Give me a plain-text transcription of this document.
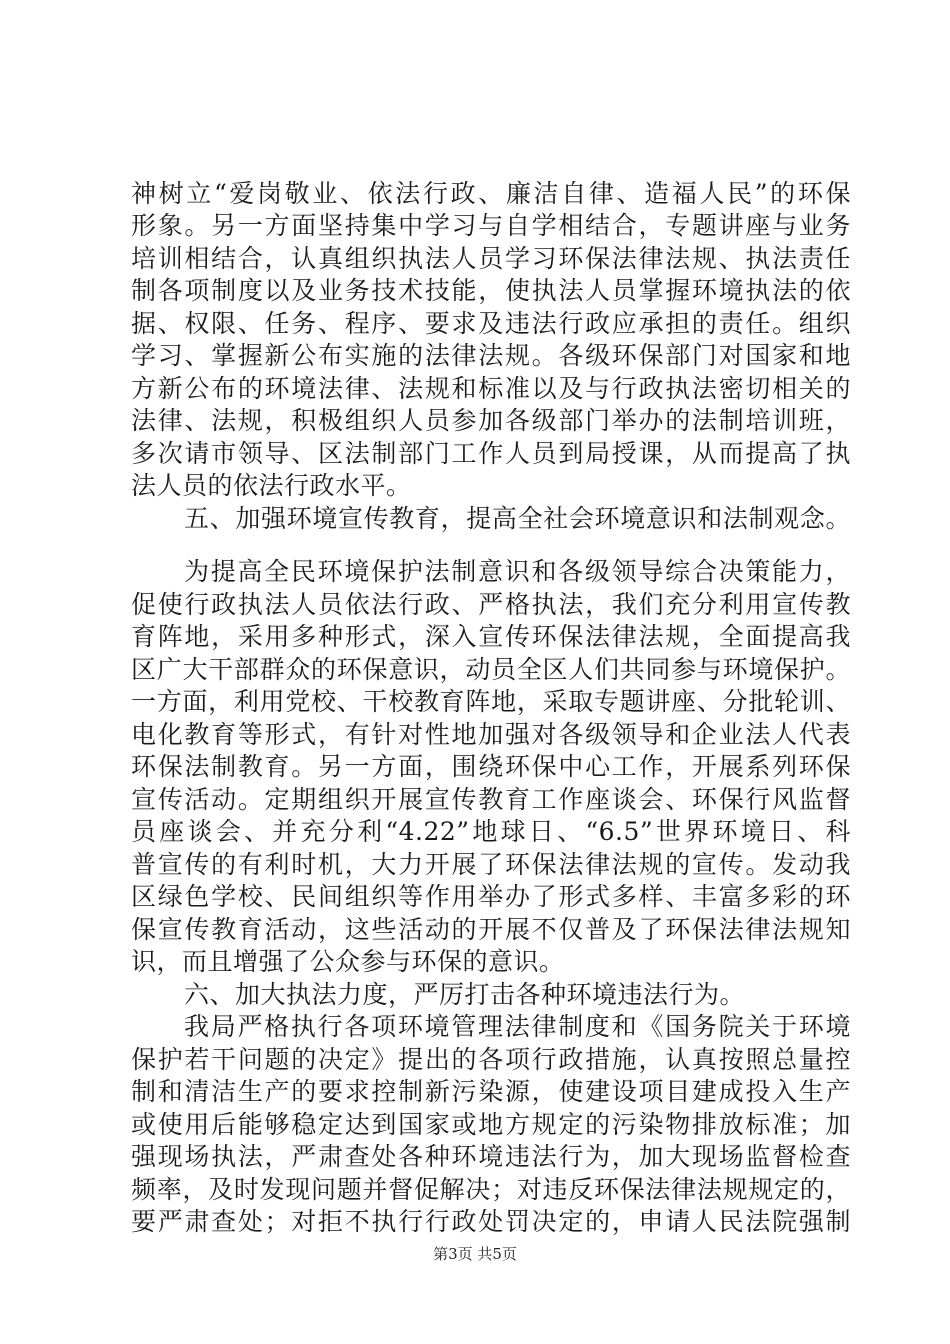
神树立“爱岗敬业、依法行政、廉洁自律、造福人民”的环保
形象。另一方面坚持集中学习与自学相结合，专题讲座与业务
培训相结合，认真组织执法人员学习环保法律法规、执法责任
制各项制度以及业务技术技能，使执法人员掌握环境执法的依
据、权限、任务、程序、要求及违法行政应承担的责任。组织
学习、掌握新公布实施的法律法规。各级环保部门对国家和地
方新公布的环境法律、法规和标准以及与行政执法密切相关的
法律、法规，积极组织人员参加各级部门举办的法制培训班，
多次请市领导、区法制部门工作人员到局授课，从而提高了执
法人员的依法行政水平。
五、加强环境宣传教育，提高全社会环境意识和法制观念。
为提高全民环境保护法制意识和各级领导综合决策能力，
促使行政执法人员依法行政、严格执法，我们充分利用宣传教
育阵地，采用多种形式，深入宣传环保法律法规，全面提高我
区广大干部群众的环保意识，动员全区人们共同参与环境保护。
一方面，利用党校、干校教育阵地，采取专题讲座、分批轮训、
电化教育等形式，有针对性地加强对各级领导和企业法人代表
环保法制教育。另一方面，围绕环保中心工作，开展系列环保
宣传活动。定期组织开展宣传教育工作座谈会、环保行风监督
员座谈会、并充分利“4.22”地球日、“6.5”世界环境日、科
普宣传的有利时机，大力开展了环保法律法规的宣传。发动我
区绿色学校、民间组织等作用举办了形式多样、丰富多彩的环
保宣传教育活动，这些活动的开展不仅普及了环保法律法规知
识，而且增强了公众参与环保的意识。
六、加大执法力度，严厉打击各种环境违法行为。
我局严格执行各项环境管理法律制度和《国务院关于环境
保护若干问题的决定》提出的各项行政措施，认真按照总量控
制和清洁生产的要求控制新污染源，使建设项目建成投入生产
或使用后能够稳定达到国家或地方规定的污染物排放标准；加
强现场执法，严肃查处各种环境违法行为，加大现场监督检查
频率，及时发现问题并督促解决；对违反环保法律法规规定的，
要严肃查处；对拒不执行行政处罚决定的，申请人民法院强制
第3页 共5页
